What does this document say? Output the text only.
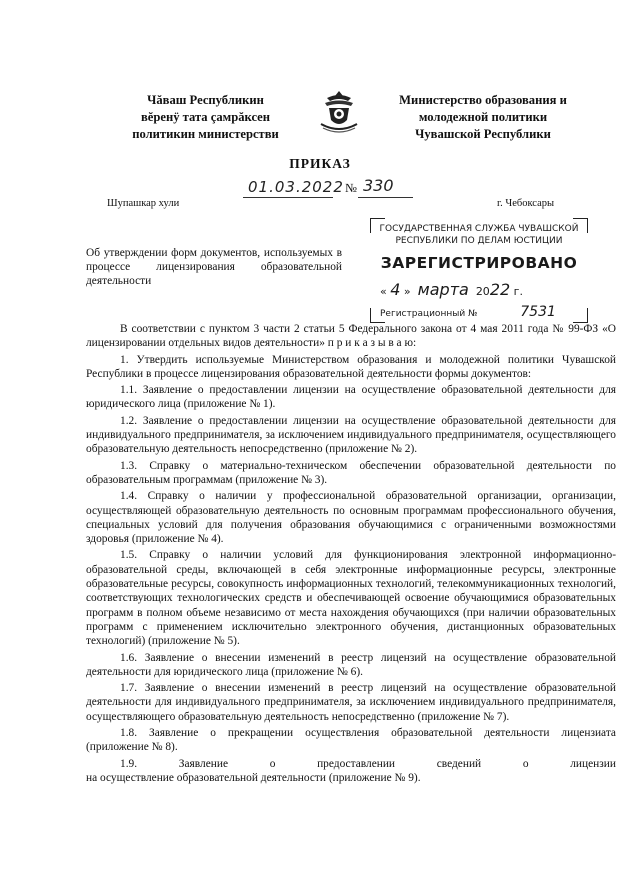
Чăваш Республикин
вĕренÿ тата çамрăксен
политикин министерстви
Министерство образования и
молодежной политики
Чувашской Республики
ПРИКАЗ
01.03.2022 № 330
Шупашкар хули	г. Чебоксары
ГОСУДАРСТВЕННАЯ СЛУЖБА ЧУВАШСКОЙ
РЕСПУБЛИКИ ПО ДЕЛАМ ЮСТИЦИИ
ЗАРЕГИСТРИРОВАНО
« 4 » марта 2022 г.
Регистрационный №	7531
Об утверждении форм документов, используемых в процессе лицензирования образовательной деятельности

В соответствии с пунктом 3 части 2 статьи 5 Федерального закона от 4 мая 2011 года № 99-ФЗ «О лицензировании отдельных видов деятельности» п р и к а з ы в а ю:

1. Утвердить используемые Министерством образования и молодежной политики Чувашской Республики в процессе лицензирования образовательной деятельности формы документов:

1.1. Заявление о предоставлении лицензии на осуществление образовательной деятельности для юридического лица (приложение № 1).

1.2. Заявление о предоставлении лицензии на осуществление образовательной деятельности для индивидуального предпринимателя, за исключением индивидуального предпринимателя, осуществляющего образовательную деятельность непосредственно (приложение № 2).

1.3. Справку о материально-техническом обеспечении образовательной деятельности по образовательным программам (приложение № 3).

1.4. Справку о наличии у профессиональной образовательной организации, организации, осуществляющей образовательную деятельность по основным программам профессионального обучения, специальных условий для получения образования обучающимися с ограниченными возможностями здоровья (приложение № 4).

1.5. Справку о наличии условий для функционирования электронной информационно-образовательной среды, включающей в себя электронные информационные ресурсы, электронные образовательные ресурсы, совокупность информационных технологий, телекоммуникационных технологий, соответствующих технологических средств и обеспечивающей освоение обучающимися образовательных программ в полном объеме независимо от места нахождения обучающихся (при наличии образовательных программ с применением исключительно электронного обучения, дистанционных образовательных технологий) (приложение № 5).

1.6. Заявление о внесении изменений в реестр лицензий на осуществление образовательной деятельности для юридического лица (приложение № 6).

1.7. Заявление о внесении изменений в реестр лицензий на осуществление образовательной деятельности для индивидуального предпринимателя, за исключением индивидуального предпринимателя, осуществляющего образовательную деятельность непосредственно (приложение № 7).

1.8. Заявление о прекращении осуществления образовательной деятельности лицензиата (приложение № 8).

1.9.	Заявление	о	предоставлении	сведений	о	лицензии
на осуществление образовательной деятельности (приложение № 9).
